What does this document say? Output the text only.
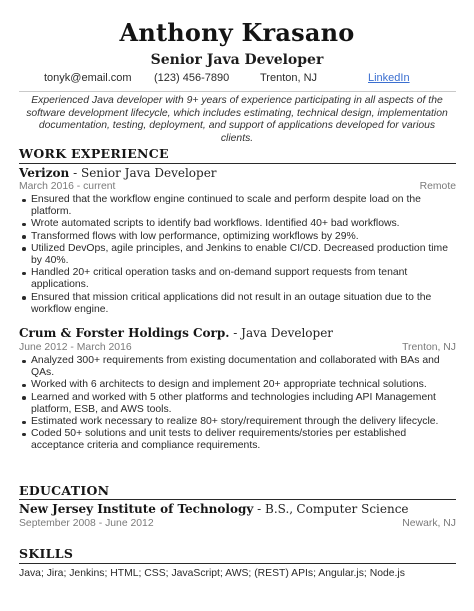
Anthony Krasano
Senior Java Developer
tonyk@email.com (123) 456-7890	Trenton, NJ	LinkedIn
Experienced Java developer with 9+ years of experience participating in all aspects of the software development lifecycle, which includes estimating, technical design, implementation documentation, testing, deployment, and support of applications developed for various clients.
WORK EXPERIENCE
Verizon - Senior Java Developer
March 2016 - current	Remote
Ensured that the workflow engine continued to scale and perform despite load on the platform.
Wrote automated scripts to identify bad workflows. Identified 40+ bad workflows.
Transformed flows with low performance, optimizing workflows by 29%.
Utilized DevOps, agile principles, and Jenkins to enable CI/CD. Decreased production time by 40%.
Handled 20+ critical operation tasks and on-demand support requests from tenant applications.
Ensured that mission critical applications did not result in an outage situation due to the workflow engine.
Crum & Forster Holdings Corp. - Java Developer
June 2012 - March 2016	Trenton, NJ
Analyzed 300+ requirements from existing documentation and collaborated with BAs and QAs.
Worked with 6 architects to design and implement 20+ appropriate technical solutions.
Learned and worked with 5 other platforms and technologies including API Management platform, ESB, and AWS tools.
Estimated work necessary to realize 80+ story/requirement through the delivery lifecycle.
Coded 50+ solutions and unit tests to deliver requirements/stories per established acceptance criteria and compliance requirements.
EDUCATION
New Jersey Institute of Technology - B.S., Computer Science
September 2008 - June 2012	Newark, NJ
SKILLS
Java; Jira; Jenkins; HTML; CSS; JavaScript; AWS; (REST) APIs; Angular.js; Node.js
